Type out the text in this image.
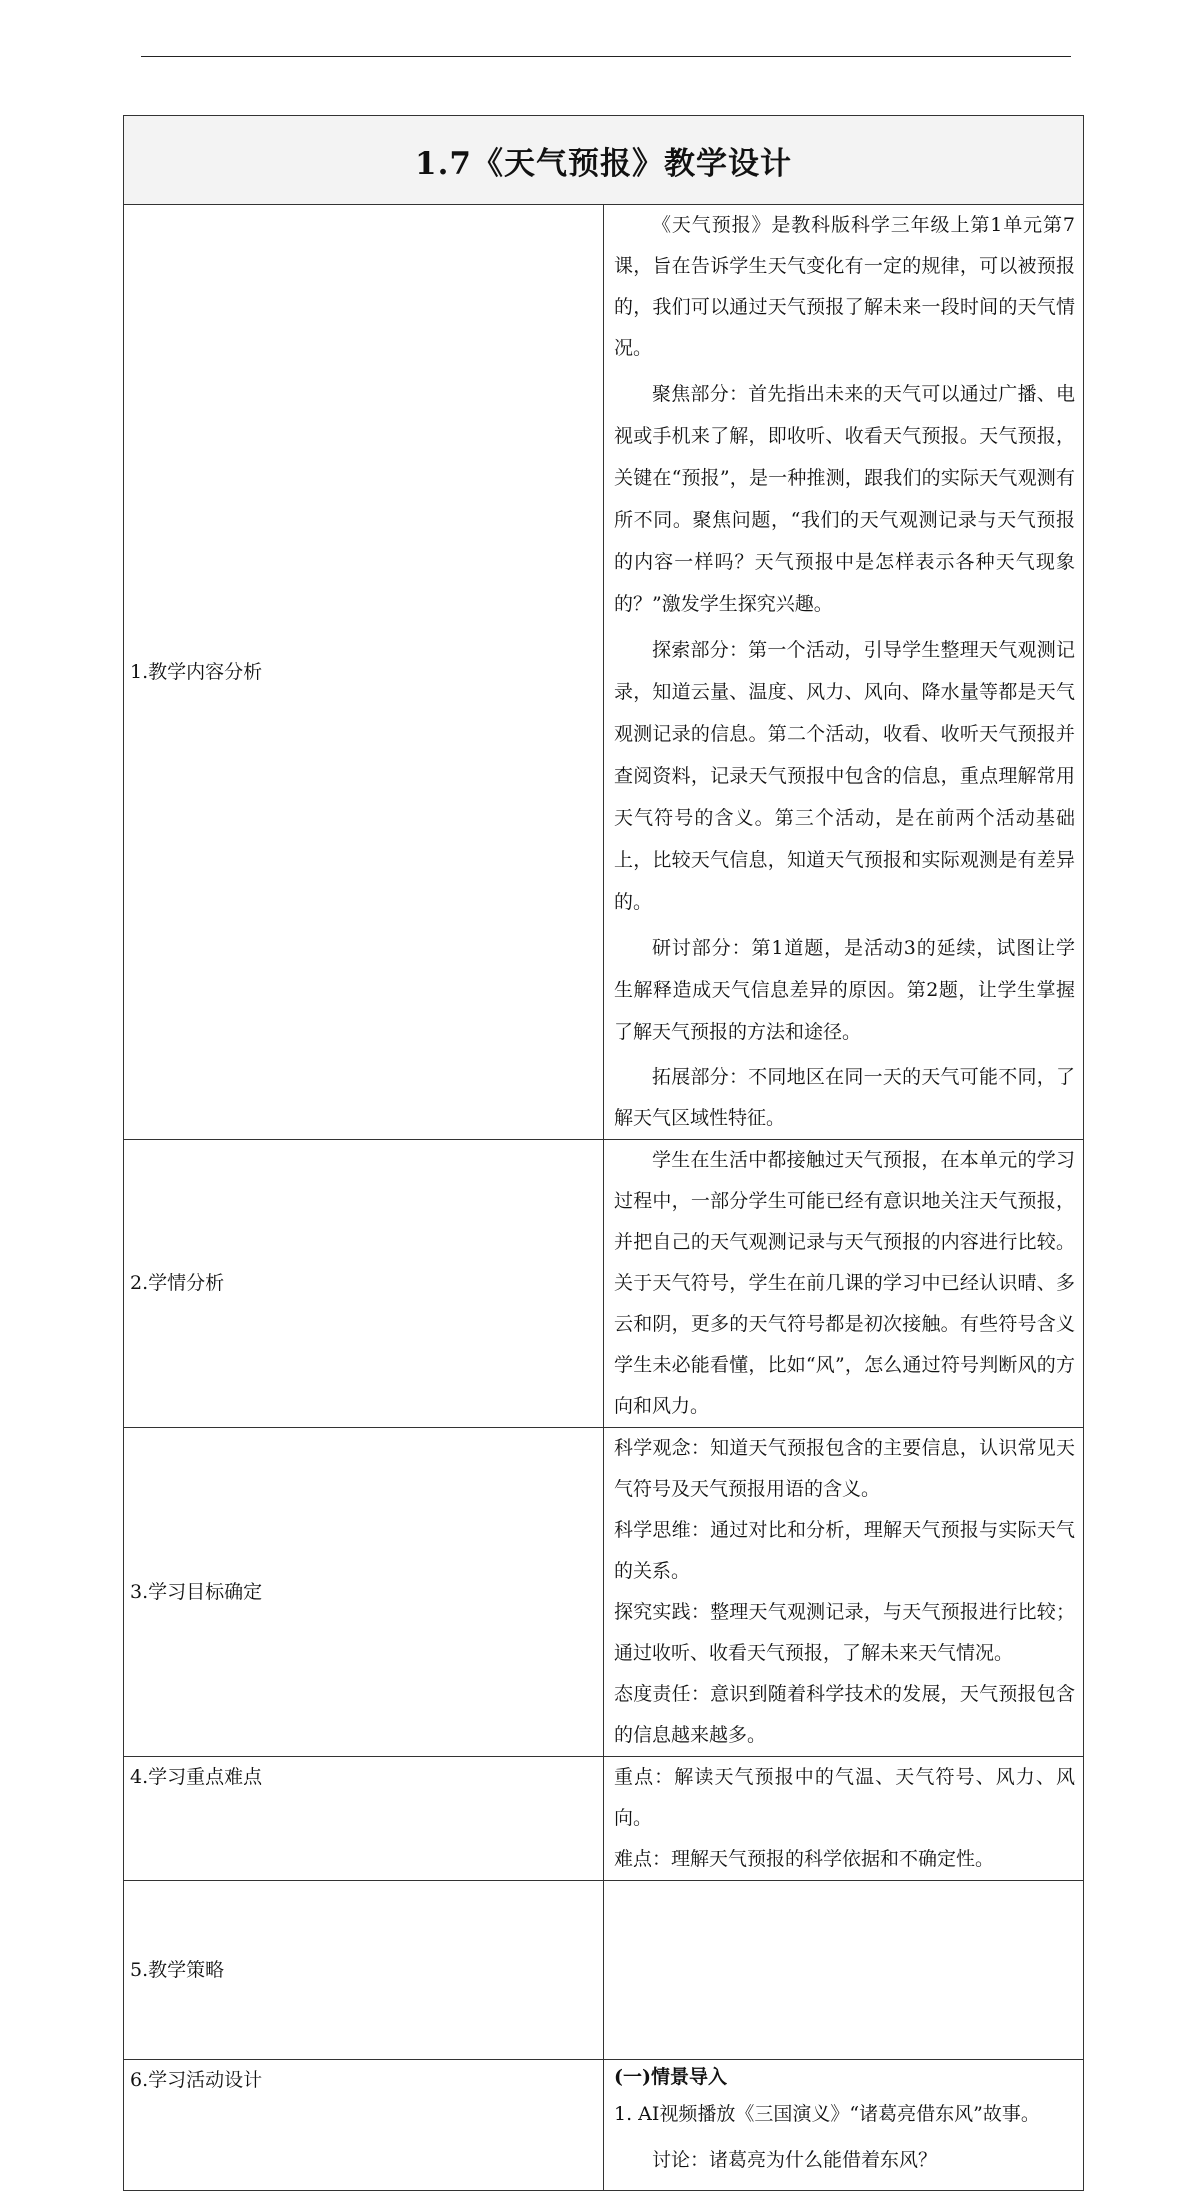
1.7《天气预报》教学设计	
1.教学内容分析	《天气预报》是教科版科学三年级上第1单元第7课，旨在告诉学生天气变化有一定的规律，可以被预报的，我们可以通过天气预报了解未来一段时间的天气情况。

聚焦部分：首先指出未来的天气可以通过广播、电视或手机来了解，即收听、收看天气预报。天气预报，关键在“预报”，是一种推测，跟我们的实际天气观测有所不同。聚焦问题，“我们的天气观测记录与天气预报的内容一样吗？天气预报中是怎样表示各种天气现象的？”激发学生探究兴趣。

探索部分：第一个活动，引导学生整理天气观测记录，知道云量、温度、风力、风向、降水量等都是天气观测记录的信息。第二个活动，收看、收听天气预报并查阅资料，记录天气预报中包含的信息，重点理解常用天气符号的含义。第三个活动，是在前两个活动基础上，比较天气信息，知道天气预报和实际观测是有差异的。

研讨部分：第1道题，是活动3的延续，试图让学生解释造成天气信息差异的原因。第2题，让学生掌握了解天气预报的方法和途径。

拓展部分：不同地区在同一天的天气可能不同，了解天气区域性特征。

2.学情分析	学生在生活中都接触过天气预报，在本单元的学习过程中，一部分学生可能已经有意识地关注天气预报，并把自己的天气观测记录与天气预报的内容进行比较。关于天气符号，学生在前几课的学习中已经认识晴、多云和阴，更多的天气符号都是初次接触。有些符号含义学生未必能看懂，比如“风”，怎么通过符号判断风的方向和风力。

3.学习目标确定	科学观念：知道天气预报包含的主要信息，认识常见天气符号及天气预报用语的含义。

科学思维：通过对比和分析，理解天气预报与实际天气的关系。

探究实践：整理天气观测记录，与天气预报进行比较；通过收听、收看天气预报，了解未来天气情况。

态度责任：意识到随着科学技术的发展，天气预报包含的信息越来越多。

4.学习重点难点	重点：解读天气预报中的气温、天气符号、风力、风向。

难点：理解天气预报的科学依据和不确定性。

5.教学策略	
6.学习活动设计	(一)情景导入

1. AI视频播放《三国演义》“诸葛亮借东风”故事。

讨论：诸葛亮为什么能借着东风？
